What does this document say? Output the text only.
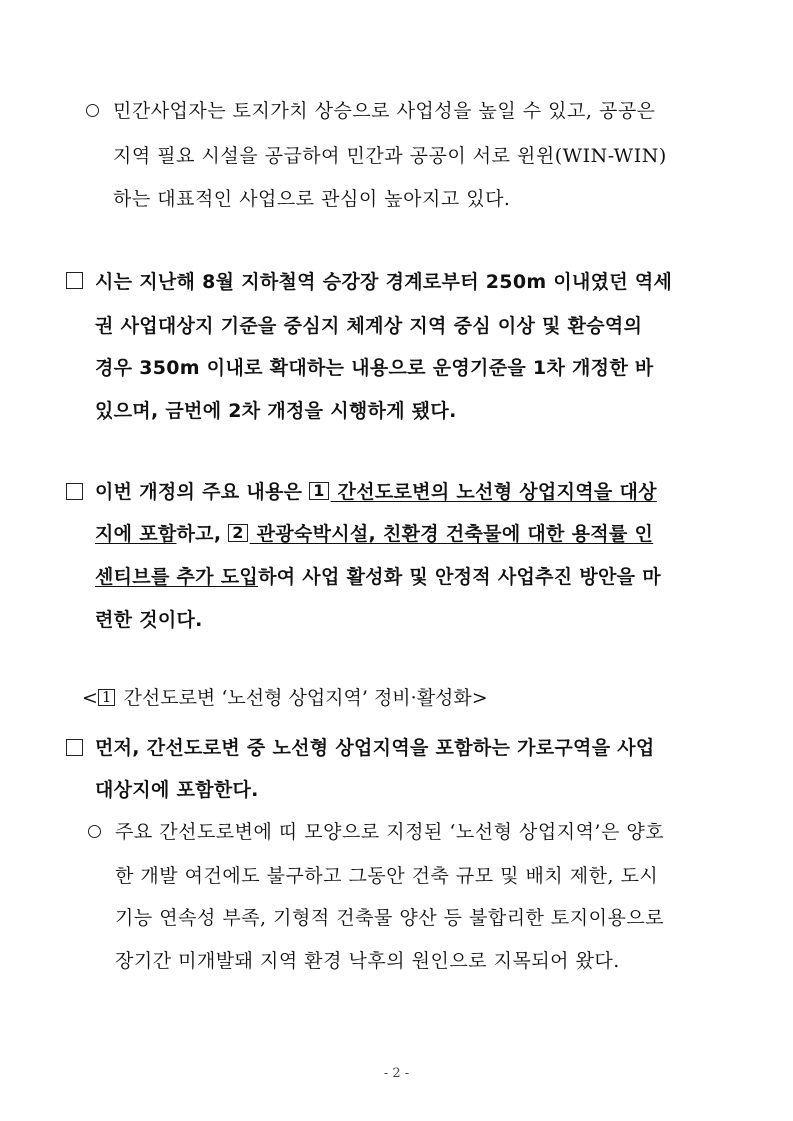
민간사업자는 토지가치 상승으로 사업성을 높일 수 있고, 공공은
지역 필요 시설을 공급하여 민간과 공공이 서로 윈윈(WIN-WIN)
하는 대표적인 사업으로 관심이 높아지고 있다.
시는 지난해 8월 지하철역 승강장 경계로부터 250m 이내였던 역세
권 사업대상지 기준을 중심지 체계상 지역 중심 이상 및 환승역의
경우 350m 이내로 확대하는 내용으로 운영기준을 1차 개정한 바
있으며, 금번에 2차 개정을 시행하게 됐다.
이번 개정의 주요 내용은 1 간선도로변의 노선형 상업지역을 대상
지에 포함하고, 2 관광숙박시설, 친환경 건축물에 대한 용적률 인
센티브를 추가 도입하여 사업 활성화 및 안정적 사업추진 방안을 마
련한 것이다.
< 1 간선도로변 ‘노선형 상업지역’ 정비·활성화>
먼저, 간선도로변 중 노선형 상업지역을 포함하는 가로구역을 사업
대상지에 포함한다.
주요 간선도로변에 띠 모양으로 지정된 ‘노선형 상업지역’은 양호
한 개발 여건에도 불구하고 그동안 건축 규모 및 배치 제한, 도시
기능 연속성 부족, 기형적 건축물 양산 등 불합리한 토지이용으로
장기간 미개발돼 지역 환경 낙후의 원인으로 지목되어 왔다.
- 2 -
